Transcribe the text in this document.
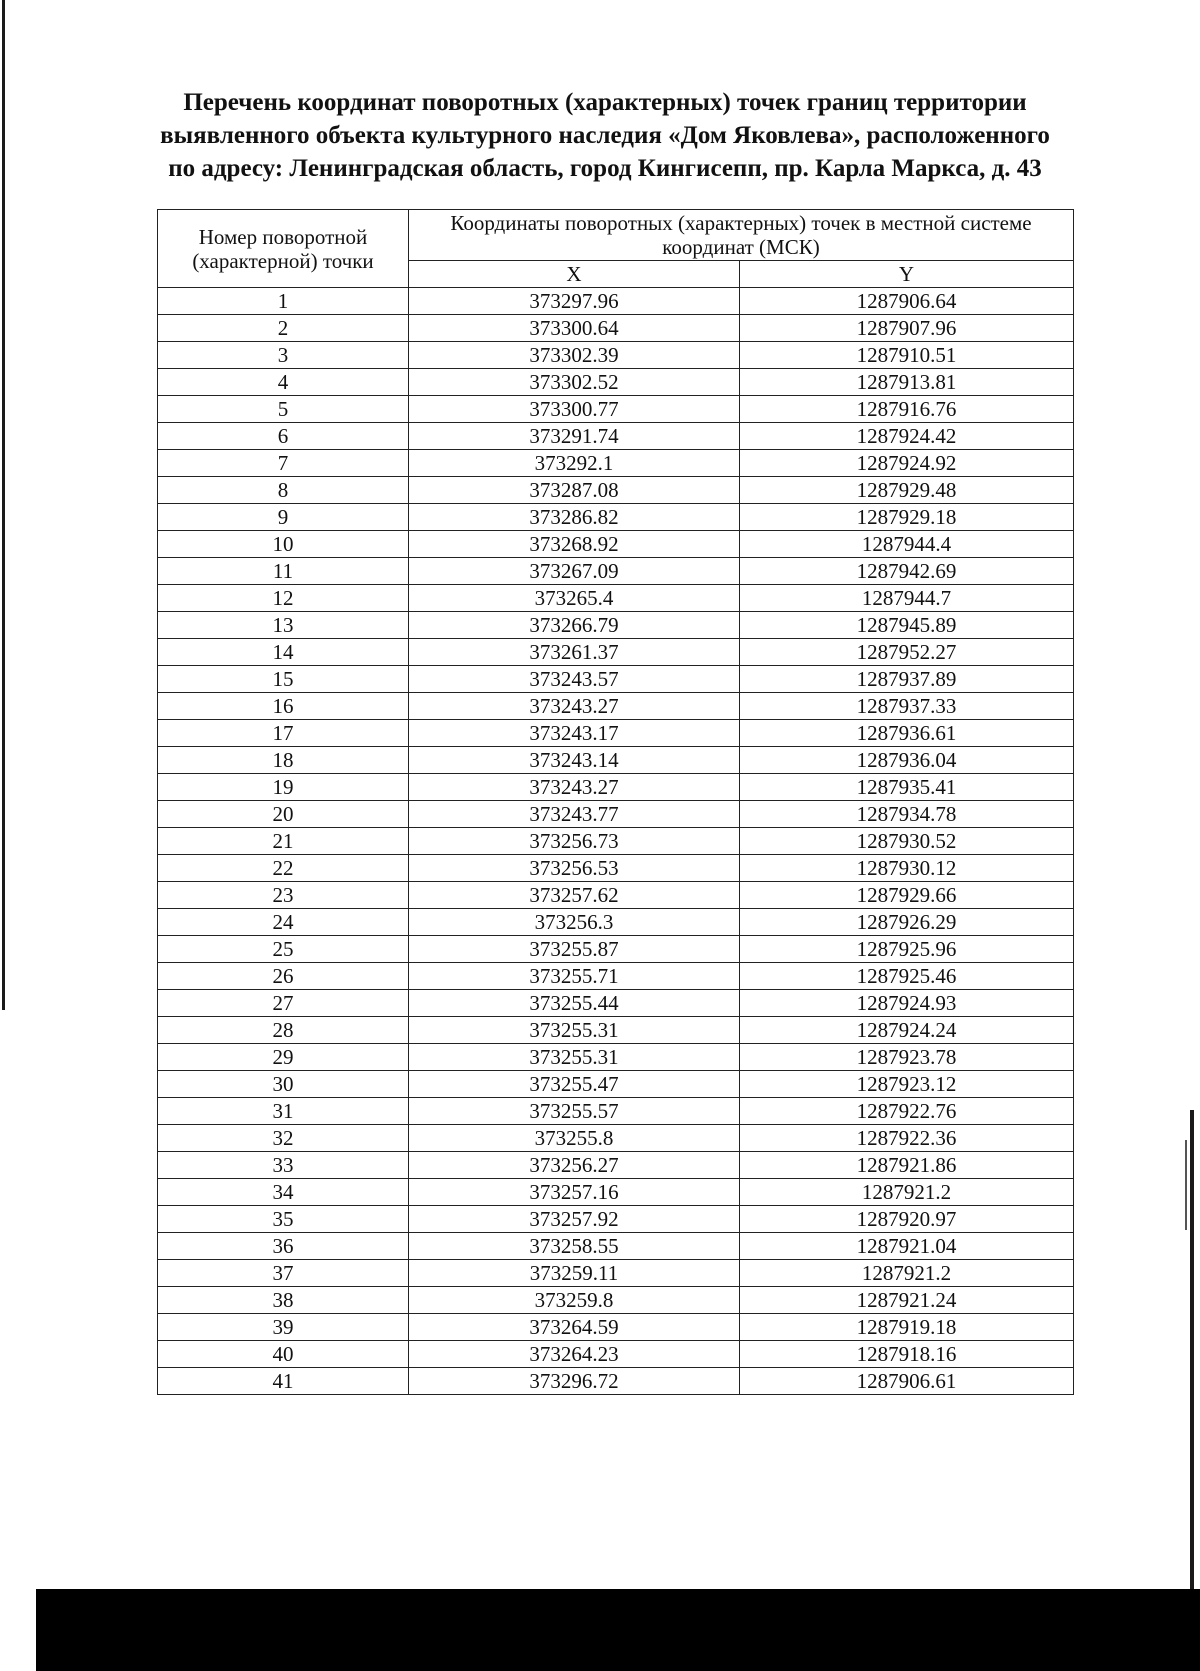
Перечень координат поворотных (характерных) точек границ территории
выявленного объекта культурного наследия «Дом Яковлева», расположенного
по адресу: Ленинградская область, город Кингисепп, пр. Карла Маркса, д. 43
Номер поворотной (характерной) точки	Координаты поворотных (характерных) точек в местной системе координат (МСК)	
	X	Y
1	373297.96	1287906.64
2	373300.64	1287907.96
3	373302.39	1287910.51
4	373302.52	1287913.81
5	373300.77	1287916.76
6	373291.74	1287924.42
7	373292.1	1287924.92
8	373287.08	1287929.48
9	373286.82	1287929.18
10	373268.92	1287944.4
11	373267.09	1287942.69
12	373265.4	1287944.7
13	373266.79	1287945.89
14	373261.37	1287952.27
15	373243.57	1287937.89
16	373243.27	1287937.33
17	373243.17	1287936.61
18	373243.14	1287936.04
19	373243.27	1287935.41
20	373243.77	1287934.78
21	373256.73	1287930.52
22	373256.53	1287930.12
23	373257.62	1287929.66
24	373256.3	1287926.29
25	373255.87	1287925.96
26	373255.71	1287925.46
27	373255.44	1287924.93
28	373255.31	1287924.24
29	373255.31	1287923.78
30	373255.47	1287923.12
31	373255.57	1287922.76
32	373255.8	1287922.36
33	373256.27	1287921.86
34	373257.16	1287921.2
35	373257.92	1287920.97
36	373258.55	1287921.04
37	373259.11	1287921.2
38	373259.8	1287921.24
39	373264.59	1287919.18
40	373264.23	1287918.16
41	373296.72	1287906.61
